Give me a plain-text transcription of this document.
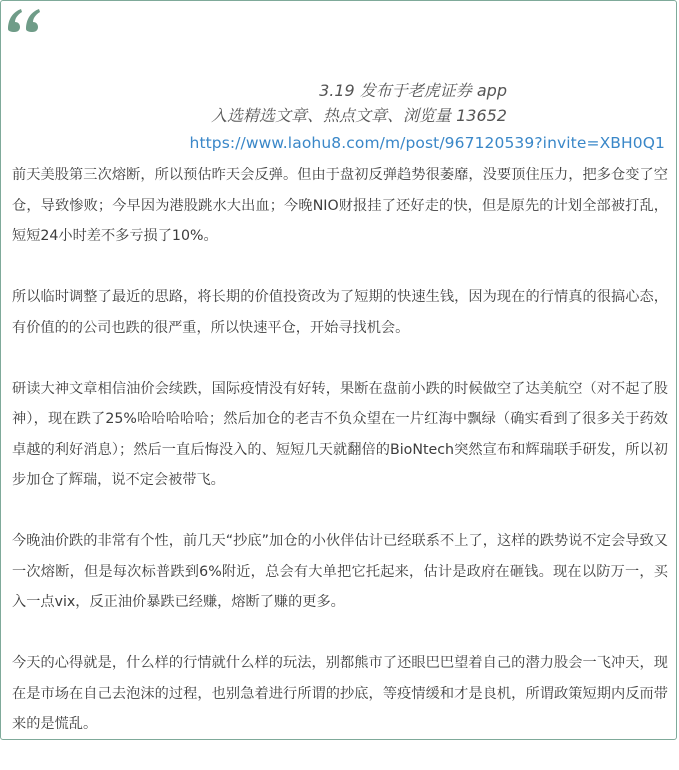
3.19 发布于老虎证券 app
入选精选文章、热点文章、浏览量 13652
https://www.laohu8.com/m/post/967120539?invite=XBH0Q1

前天美股第三次熔断，所以预估昨天会反弹。但由于盘初反弹趋势很萎靡，没要顶住压力，把多仓变了空仓，导致惨败；今早因为港股跳水大出血；今晚NIO财报挂了还好走的快，但是原先的计划全部被打乱，短短24小时差不多亏损了10%。

所以临时调整了最近的思路，将长期的价值投资改为了短期的快速生钱，因为现在的行情真的很搞心态，有价值的的公司也跌的很严重，所以快速平仓，开始寻找机会。

研读大神文章相信油价会续跌，国际疫情没有好转，果断在盘前小跌的时候做空了达美航空（对不起了股神），现在跌了25%哈哈哈哈哈；然后加仓的老吉不负众望在一片红海中飘绿（确实看到了很多关于药效卓越的利好消息）；然后一直后悔没入的、短短几天就翻倍的BioNtech突然宣布和辉瑞联手研发，所以初步加仓了辉瑞，说不定会被带飞。

今晚油价跌的非常有个性，前几天“抄底”加仓的小伙伴估计已经联系不上了，这样的跌势说不定会导致又一次熔断，但是每次标普跌到6%附近，总会有大单把它托起来，估计是政府在砸钱。现在以防万一，买入一点vix，反正油价暴跌已经赚，熔断了赚的更多。

今天的心得就是，什么样的行情就什么样的玩法，别都熊市了还眼巴巴望着自己的潜力股会一飞冲天，现在是市场在自己去泡沫的过程，也别急着进行所谓的抄底，等疫情缓和才是良机，所谓政策短期内反而带来的是慌乱。
